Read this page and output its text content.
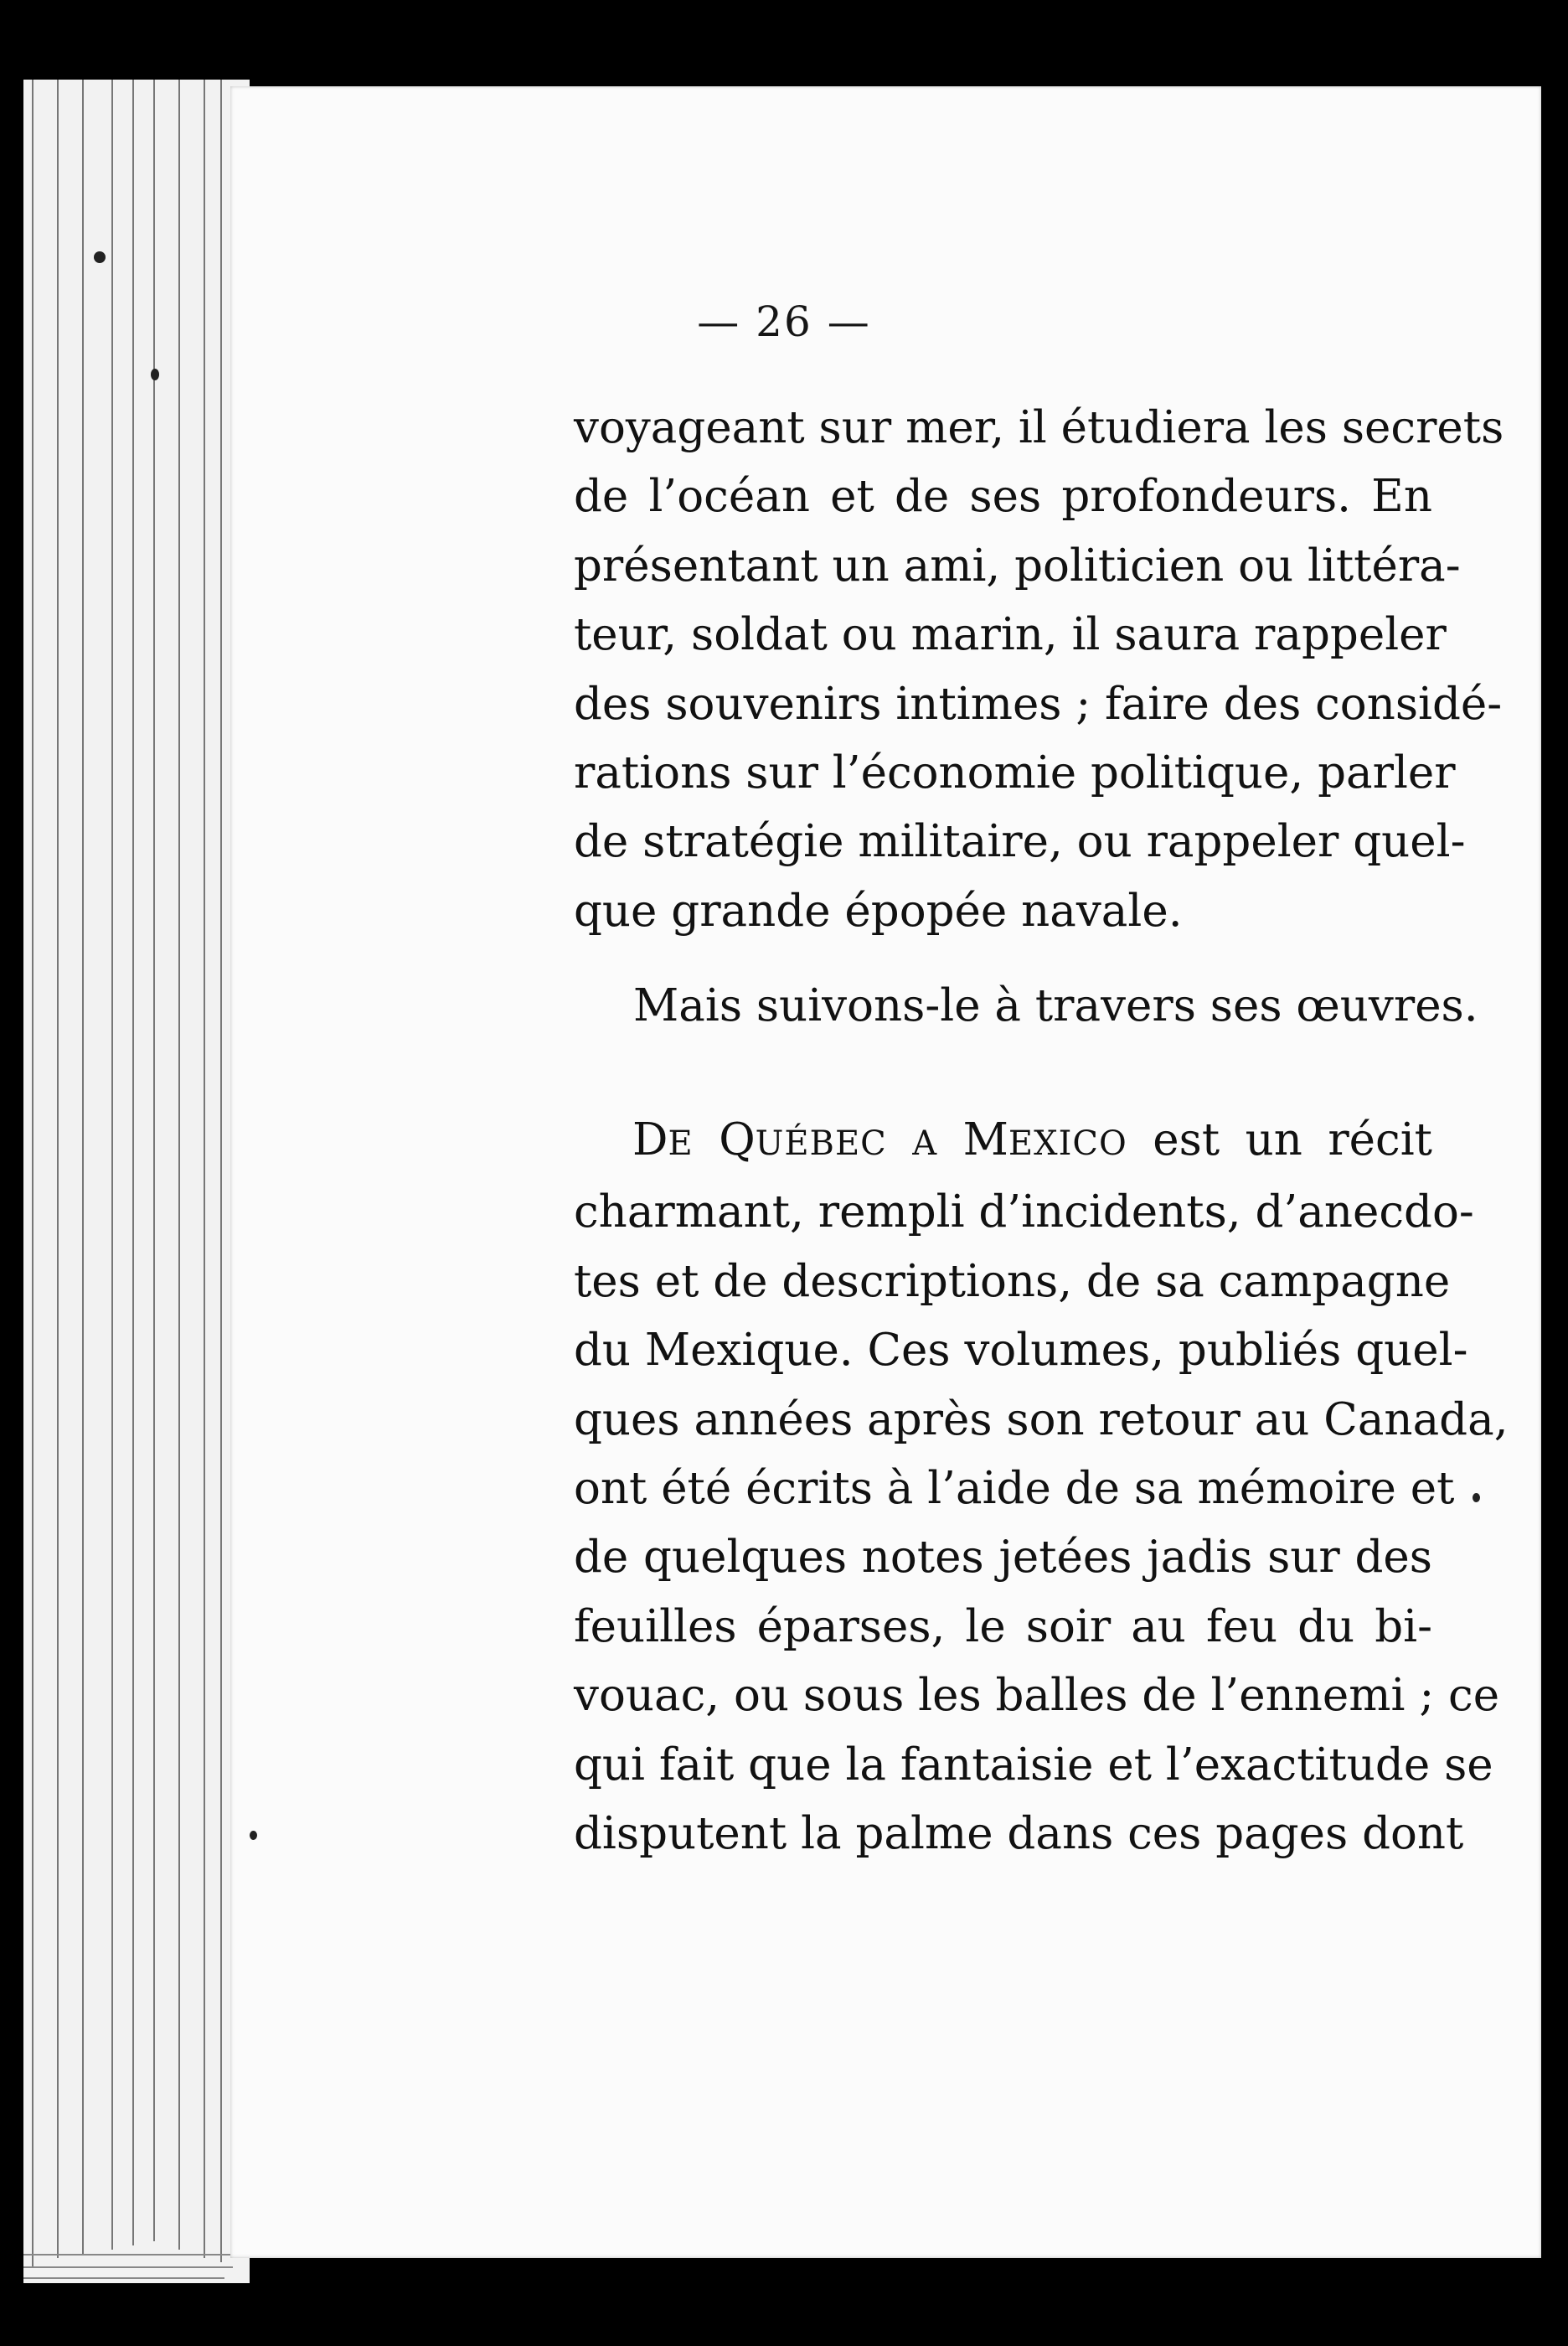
— 26 —
voyageant sur mer, il étudiera les secrets
de l’océan et de ses profondeurs. En
présentant un ami, politicien ou littéra-
teur, soldat ou marin, il saura rappeler
des souvenirs intimes ; faire des considé-
rations sur l’économie politique, parler
de stratégie militaire, ou rappeler quel-
que grande épopée navale.
Mais suivons-le à travers ses œuvres.
DE QUÉBEC A MEXICO est un récit
charmant, rempli d’incidents, d’anecdo-
tes et de descriptions, de sa campagne
du Mexique. Ces volumes, publiés quel-
ques années après son retour au Canada,
ont été écrits à l’aide de sa mémoire et
de quelques notes jetées jadis sur des
feuilles éparses, le soir au feu du bi-
vouac, ou sous les balles de l’ennemi ; ce
qui fait que la fantaisie et l’exactitude se
disputent la palme dans ces pages dont
